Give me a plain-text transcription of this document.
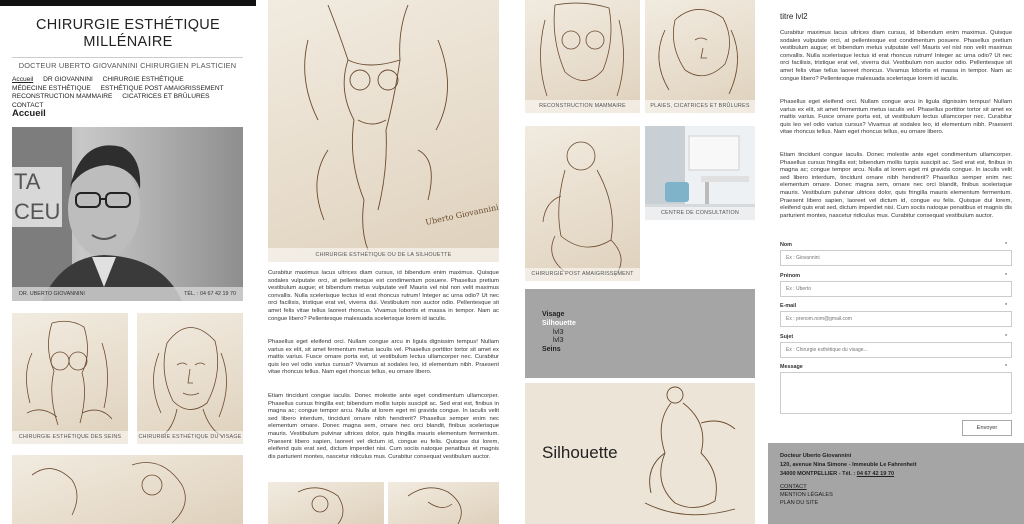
CHIRURGIE ESTHÉTIQUE
MILLÉNAIRE
DOCTEUR UBERTO GIOVANNINI CHIRURGIEN PLASTICIEN
Accueil DR GIOVANNINI CHIRURGIE ESTHÉTIQUE MÉDECINE ESTHÉTIQUE ESTHÉTIQUE POST AMAIGRISSEMENT RECONSTRUCTION MAMMAIRE CICATRICES ET BRÛLURES CONTACT
Accueil
TA
CEU
DR. UBERTO GIOVANNINI	TÉL. : 04 67 42 19 70
CHIRURGIE ESTHÉTIQUE DES SEINS	CHIRURGIE ESTHÉTIQUE DU VISAGE
Uberto Giovannini
CHIRURGIE ESTHÉTIQUE OU DE LA SILHOUETTE
Curabitur maximus lacus ultrices diam cursus, id bibendum enim maximus. Quisque sodales vulputate orci, at pellentesque est condimentum posuere. Phasellus pretium vestibulum augue; et bibendum metus vulputate vel! Mauris vel nisl non velit maximus convallis. Nulla scelerisque lectus id erat rhoncus rutrum! Integer ac urna odio? Ut nec orci facilisis, tristique erat vel, viverra dui. Vestibulum non auctor odio. Pellentesque sit amet felis vitae tellus laoreet rhoncus. Vivamus lobortis et massa in tempor. Nam ac congue libero? Pellentesque malesuada scelerisque lorem id iaculis.
Phasellus eget eleifend orci. Nullam congue arcu in ligula dignissim tempus! Nullam varius ex elit, sit amet fermentum metus iaculis vel. Phasellus porttitor tortor sit amet ex mattis varius. Fusce ornare porta est, ut vestibulum lectus ullamcorper nec. Curabitur quis leo vel odio varius cursus? Vivamus at sodales leo, id elementum nibh. Praesent vitae rhoncus tellus. Nam eget rhoncus tellus, eu ornare libero.
Etiam tincidunt congue iaculis. Donec molestie ante eget condimentum ullamcorper. Phasellus cursus fringilla est; bibendum mollis turpis suscipit ac. Sed erat est, finibus in magna ac; congue tempor arcu. Nulla at lorem eget mi gravida congue. In iaculis velit sed libero interdum, tincidunt ornare nibh hendrerit? Phasellus semper enim nec elementum ornare. Donec magna sem, ornare nec orci blandit, finibus scelerisque mauris. Vestibulum pulvinar ultrices dolor, quis fringilla mauris elementum fermentum. Praesent libero sapien, laoreet vel dictum id, congue eu felis. Quisque dui lorem, eleifend quis erat sed, dictum imperdiet nisi. Cum sociis natoque penatibus et magnis dis parturient montes, nascetur ridiculus mus. Curabitur consequat vestibulum auctor.
RECONSTRUCTION MAMMAIRE	PLAIES, CICATRICES ET BRÛLURES
CHIRURGIE POST AMAIGRISSEMENT
CENTRE DE CONSULTATION
Visage
Silhouette
lvl3
lvl3
Seins
Silhouette
titre lvl2
Curabitur maximus lacus ultrices diam cursus, id bibendum enim maximus. Quisque sodales vulputate orci, at pellentesque est condimentum posuere. Phasellus pretium vestibulum augue; et bibendum metus vulputate vel! Mauris vel nisl non velit maximus convallis. Nulla scelerisque lectus id erat rhoncus rutrum! Integer ac urna odio? Ut nec orci facilisis, tristique erat vel, viverra dui. Vestibulum non auctor odio. Pellentesque sit amet felis vitae tellus laoreet rhoncus. Vivamus lobortis et massa in tempor. Nam ac congue libero? Pellentesque malesuada scelerisque lorem id iaculis.
Phasellus eget eleifend orci. Nullam congue arcu in ligula dignissim tempus! Nullam varius ex elit, sit amet fermentum metus iaculis vel. Phasellus porttitor tortor sit amet ex mattis varius. Fusce ornare porta est, ut vestibulum lectus ullamcorper nec. Curabitur quis leo vel odio varius cursus? Vivamus at sodales leo, id elementum nibh. Praesent vitae rhoncus tellus. Nam eget rhoncus tellus, eu ornare libero.
Etiam tincidunt congue iaculis. Donec molestie ante eget condimentum ullamcorper. Phasellus cursus fringilla est; bibendum mollis turpis suscipit ac. Sed erat est, finibus in magna ac; congue tempor arcu. Nulla at lorem eget mi gravida congue. In iaculis velit sed libero interdum, tincidunt ornare nibh hendrerit? Phasellus semper enim nec elementum ornare. Donec magna sem, ornare nec orci blandit, finibus scelerisque mauris. Vestibulum pulvinar ultrices dolor, quis fringilla mauris elementum fermentum. Praesent libero sapien, laoreet vel dictum id, congue eu felis. Quisque dui lorem, eleifend quis erat sed, dictum imperdiet nisi. Cum sociis natoque penatibus et magnis dis parturient montes, nascetur ridiculus mus. Curabitur consequat vestibulum auctor.
Nom	*
Ex : Giovannini
Prénom	*
Ex : Uberto
E-mail	*
Ex : prenom.nom@gmail.com
Sujet	*
Ex : Chirurgie esthétique du visage...
Message	*
Envoyer
Docteur Uberto Giovannini
120, avenue Nina Simone - Immeuble Le Fahrenheit
34000 MONTPELLIER - Tél. : 04 67 42 19 70
CONTACT
MENTION LÉGALES
PLAN DU SITE
